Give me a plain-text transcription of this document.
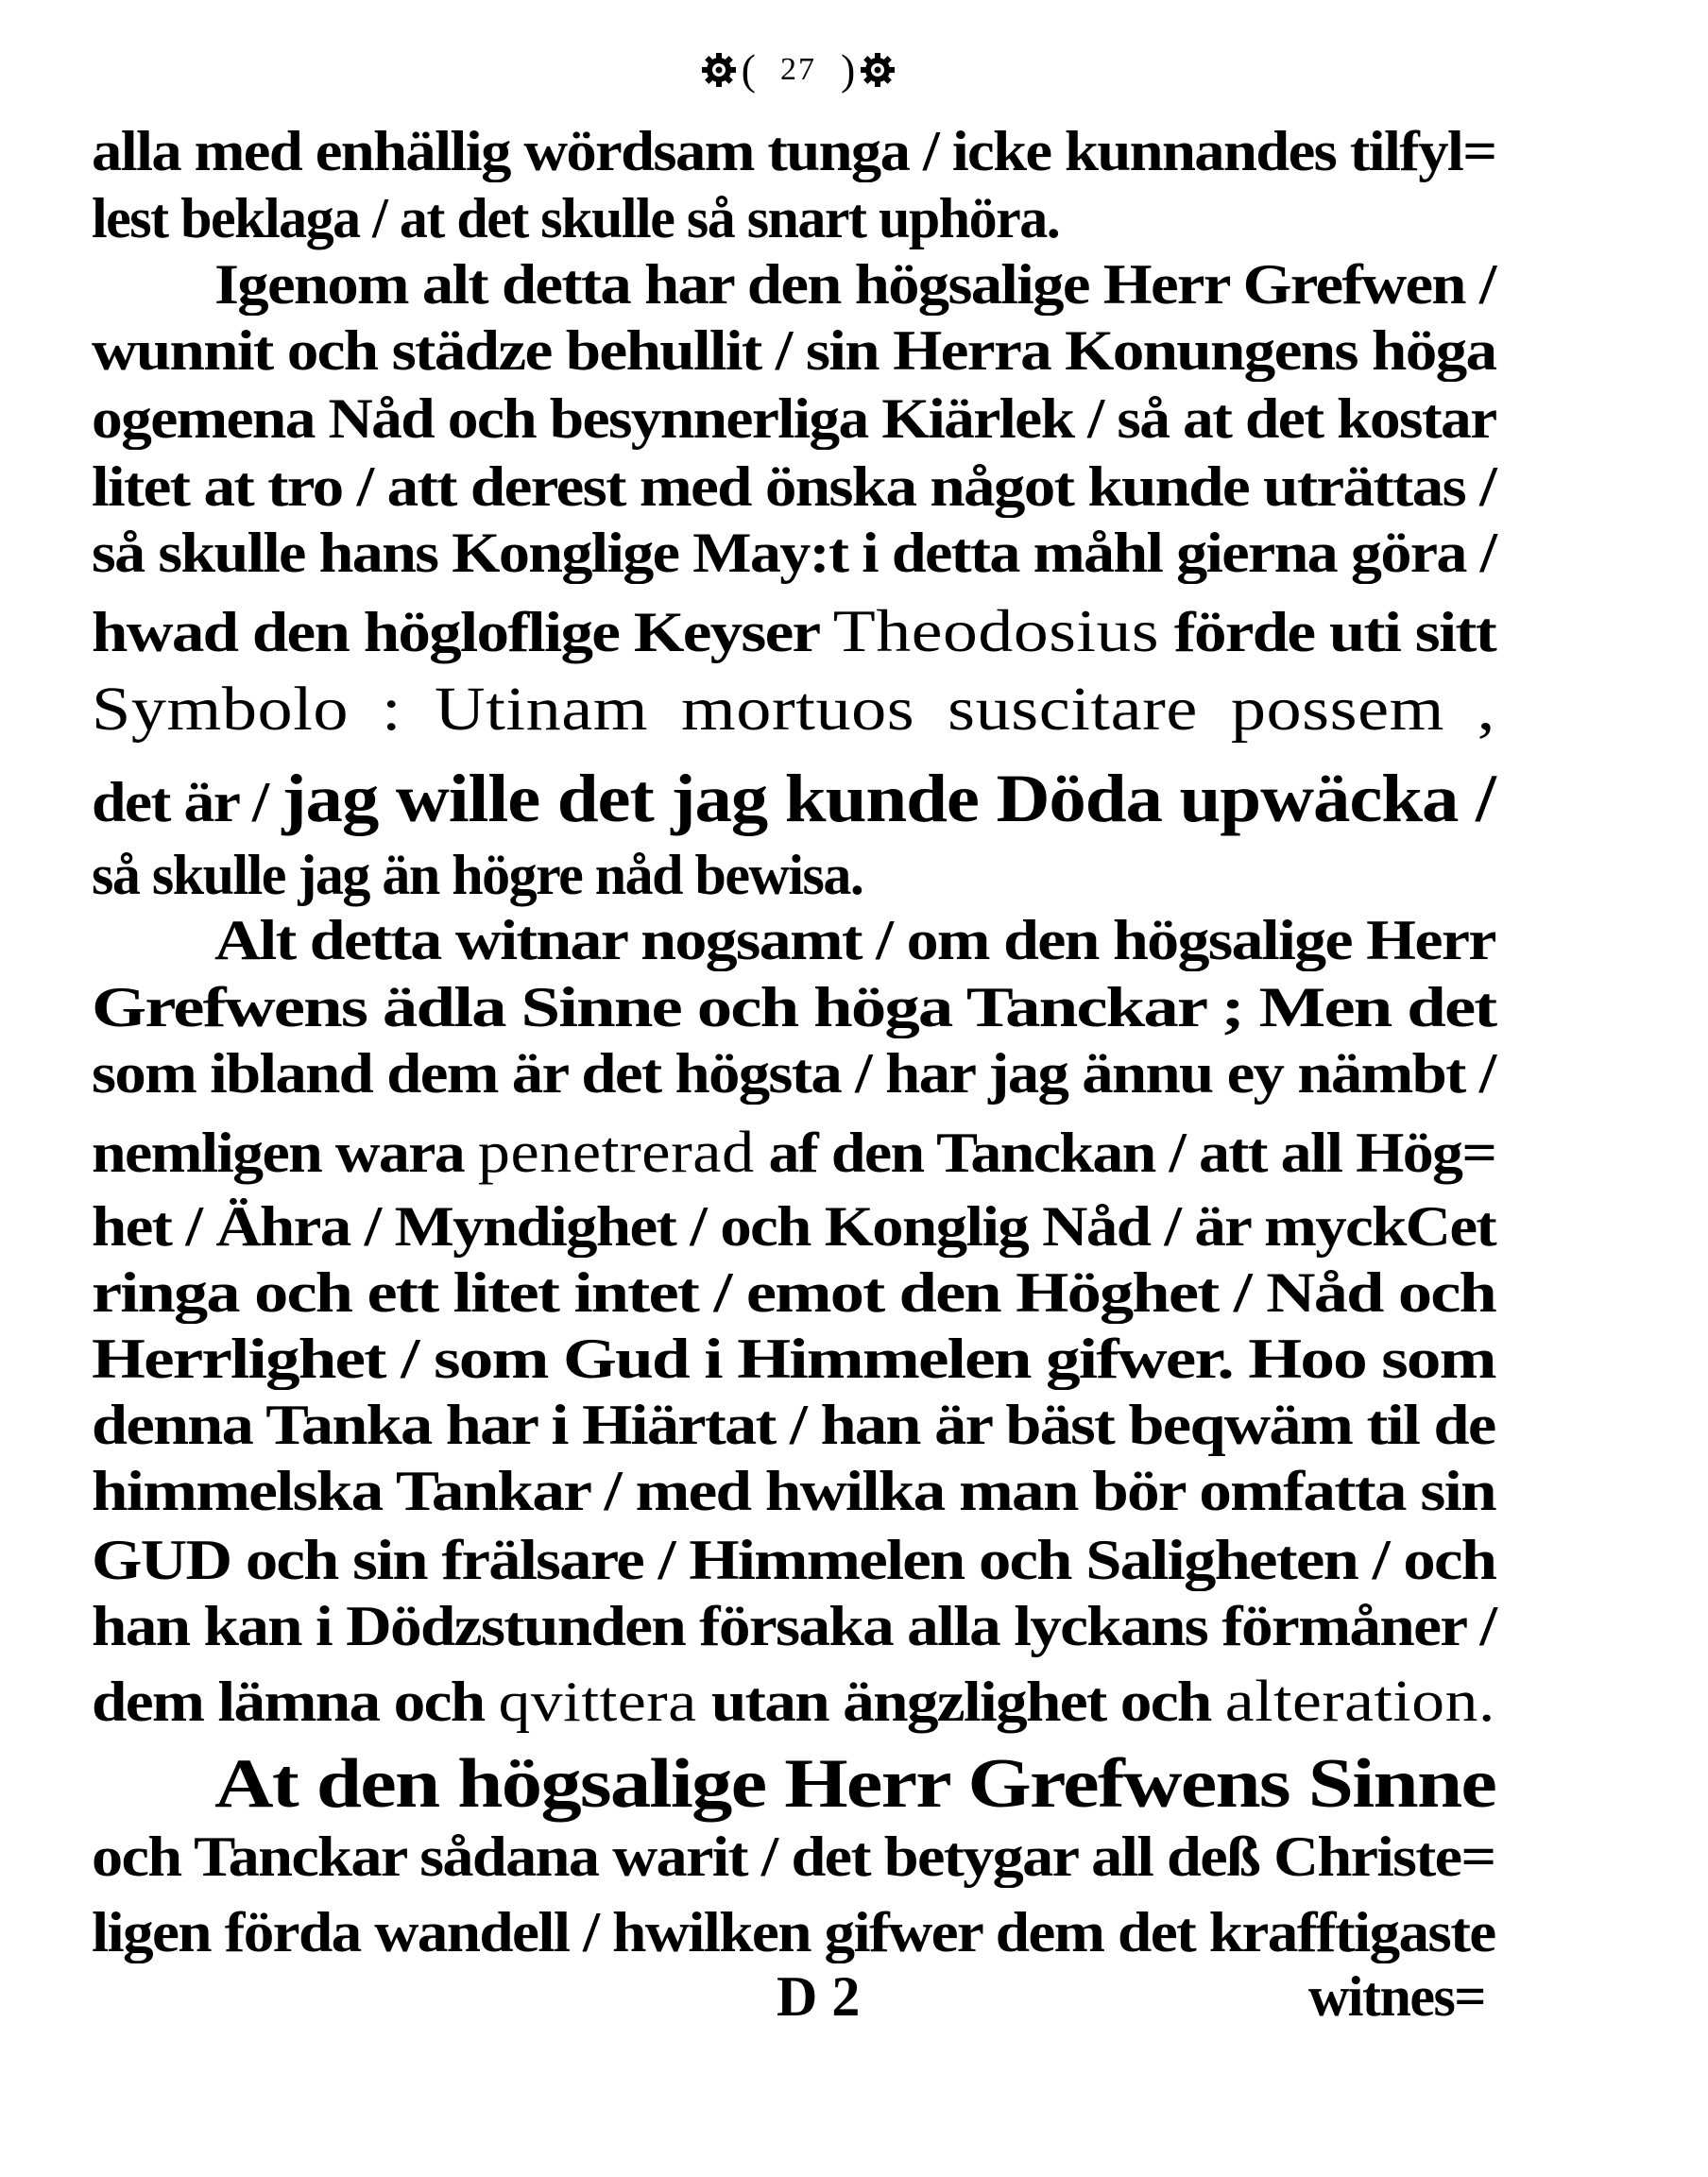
( 27 )
alla med enhällig wördsam tunga / icke kunnandes tilfyl=
lest beklaga / at det skulle så snart uphöra.
Igenom alt detta har den högsalige Herr Grefwen /
wunnit och städze behullit / sin Herra Konungens höga
ogemena Nåd och besynnerliga Kiärlek / så at det kostar
litet at tro / att derest med önska något kunde uträttas /
så skulle hans Konglige May:t i detta måhl gierna göra /
hwad den högloflige Keyser Theodosius förde uti sitt
Symbolo : Utinam mortuos suscitare possem ,
det är / jag wille det jag kunde Döda upwäcka /
så skulle jag än högre nåd bewisa.
Alt detta witnar nogsamt / om den högsalige Herr
Grefwens ädla Sinne och höga Tanckar ; Men det
som ibland dem är det högsta / har jag ännu ey nämbt /
nemligen wara penetrerad af den Tanckan / att all Hög=
het / Ähra / Myndighet / och Konglig Nåd / är myckCet
ringa och ett litet intet / emot den Höghet / Nåd och
Herrlighet / som Gud i Himmelen gifwer. Hoo som
denna Tanka har i Hiärtat / han är bäst beqwäm til de
himmelska Tankar / med hwilka man bör omfatta sin
GUD och sin frälsare / Himmelen och Saligheten / och
han kan i Dödzstunden försaka alla lyckans förmåner /
dem lämna och qvittera utan ängzlighet och alteration.
At den högsalige Herr Grefwens Sinne
och Tanckar sådana warit / det betygar all deß Christe=
ligen förda wandell / hwilken gifwer dem det krafftigaste
D 2	witnes=
